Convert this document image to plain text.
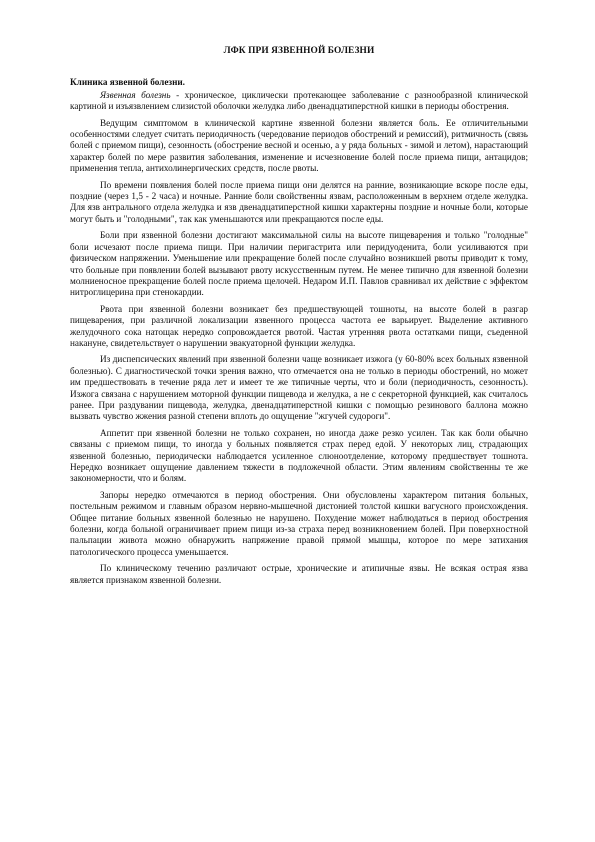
ЛФК ПРИ ЯЗВЕННОЙ БОЛЕЗНИ
Клиника язвенной болезни.

Язвенная болезнь - хроническое, циклически протекающее заболевание с разнообразной клинической картиной и изъязвлением слизистой оболочки желудка либо двенадцатиперстной кишки в периоды обострения.

Ведущим симптомом в клинической картине язвенной болезни является боль. Ее отличительными особенностями следует считать периодичность (чередование периодов обострений и ремиссий), ритмичность (связь болей с приемом пищи), сезонность (обострение весной и осенью, а у ряда больных - зимой и летом), нарастающий характер болей по мере развития заболевания, изменение и исчезновение болей после приема пищи, антацидов; применения тепла, антихолинергических средств, после рвоты.

По времени появления болей после приема пищи они делятся на ранние, возникающие вскоре после еды, поздние (через 1,5 - 2 часа) и ночные. Ранние боли свойственны язвам, расположенным в верхнем отделе желудка. Для язв антрального отдела желудка и язв двенадцатиперстной кишки характерны поздние и ночные боли, которые могут быть и "голодными", так как уменьшаются или прекращаются после еды.

Боли при язвенной болезни достигают максимальной силы на высоте пищеварения и только "голодные" боли исчезают после приема пищи. При наличии перигастрита или перидуоденита, боли усиливаются при физическом напряжении. Уменьшение или прекращение болей после случайно возникшей рвоты приводит к тому, что больные при появлении болей вызывают рвоту искусственным путем. Не менее типично для язвенной болезни молниеносное прекращение болей после приема щелочей. Недаром И.П. Павлов сравнивал их действие с эффектом нитроглицерина при стенокардии.

Рвота при язвенной болезни возникает без предшествующей тошноты, на высоте болей в разгар пищеварения, при различной локализации язвенного процесса частота ее варьирует. Выделение активного желудочного сока натощак нередко сопровождается рвотой. Частая утренняя рвота остатками пищи, съеденной накануне, свидетельствует о нарушении эвакуаторной функции желудка.

Из диспепсических явлений при язвенной болезни чаще возникает изжога (у 60-80% всех больных язвенной болезнью). С диагностической точки зрения важно, что отмечается она не только в периоды обострений, но может им предшествовать в течение ряда лет и имеет те же типичные черты, что и боли (периодичность, сезонность). Изжога связана с нарушением моторной функции пищевода и желудка, а не с секреторной функцией, как считалось ранее. При раздувании пищевода, желудка, двенадцатиперстной кишки с помощью резинового баллона можно вызвать чувство жжения разной степени вплоть до ощущение "жгучей судороги".

Аппетит при язвенной болезни не только сохранен, но иногда даже резко усилен. Так как боли обычно связаны с приемом пищи, то иногда у больных появляется страх перед едой. У некоторых лиц, страдающих язвенной болезнью, периодически наблюдается усиленное слюноотделение, которому предшествует тошнота. Нередко возникает ощущение давлением тяжести в подложечной области. Этим явлениям свойственны те же закономерности, что и болям.

Запоры нередко отмечаются в период обострения. Они обусловлены характером питания больных, постельным режимом и главным образом нервно-мышечной дистонией толстой кишки вагусного происхождения. Общее питание больных язвенной болезнью не нарушено. Похудение может наблюдаться в период обострения болезни, когда больной ограничивает прием пищи из-за страха перед возникновением болей. При поверхностной пальпации живота можно обнаружить напряжение правой прямой мышцы, которое по мере затихания патологического процесса уменьшается.

По клиническому течению различают острые, хронические и атипичные язвы. Не всякая острая язва является признаком язвенной болезни.
